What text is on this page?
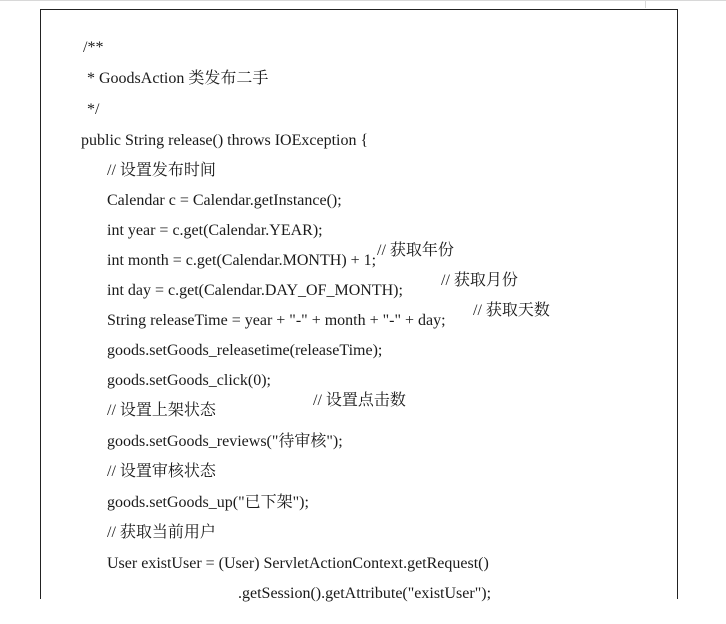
/**

* GoodsAction 类发布二手

*/

public String release() throws IOException {

// 设置发布时间

Calendar c = Calendar.getInstance();

int year = c.get(Calendar.YEAR);

// 获取年份

int month = c.get(Calendar.MONTH) + 1;

// 获取月份

int day = c.get(Calendar.DAY_OF_MONTH);

// 获取天数

String releaseTime = year + "-" + month + "-" + day;

goods.setGoods_releasetime(releaseTime);

goods.setGoods_click(0);

// 设置点击数

// 设置上架状态

goods.setGoods_reviews("待审核");

// 设置审核状态

goods.setGoods_up("已下架");

// 获取当前用户

User existUser = (User) ServletActionContext.getRequest()

.getSession().getAttribute("existUser");
